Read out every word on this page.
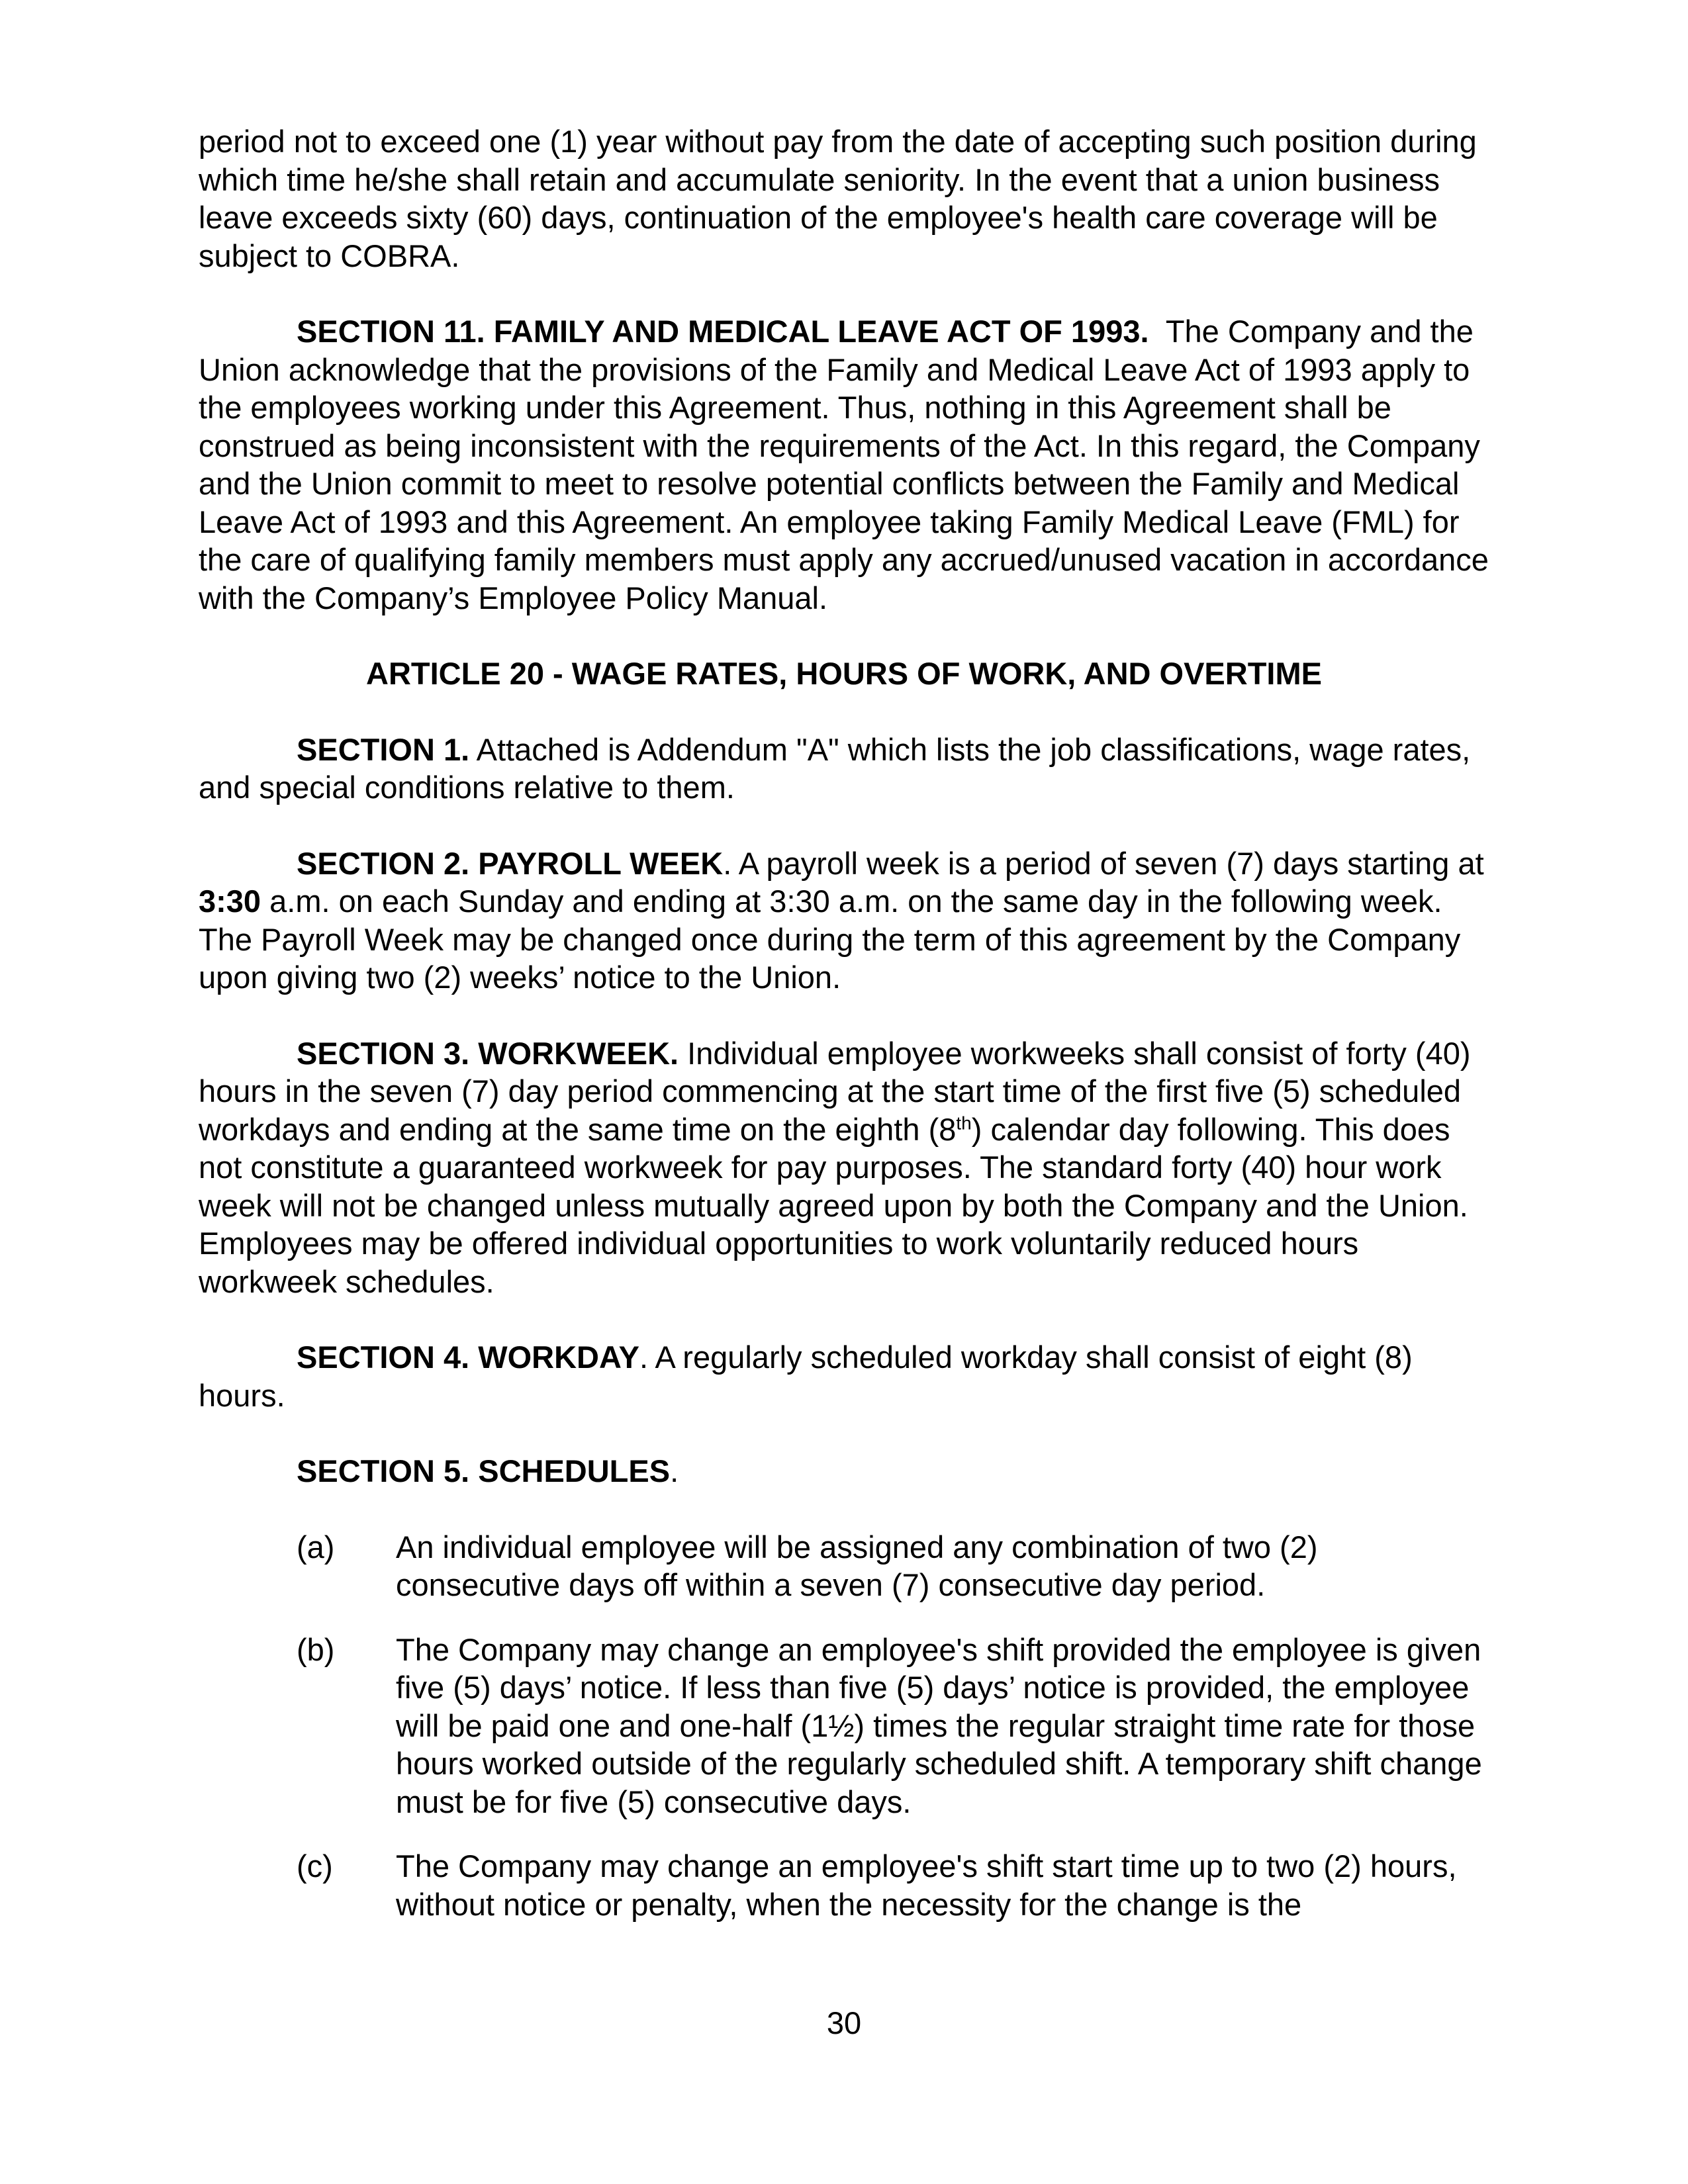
period not to exceed one (1) year without pay from the date of accepting such position during which time he/she shall retain and accumulate seniority. In the event that a union business leave exceeds sixty (60) days, continuation of the employee's health care coverage will be subject to COBRA.

SECTION 11. FAMILY AND MEDICAL LEAVE ACT OF 1993. The Company and the Union acknowledge that the provisions of the Family and Medical Leave Act of 1993 apply to the employees working under this Agreement. Thus, nothing in this Agreement shall be construed as being inconsistent with the requirements of the Act. In this regard, the Company and the Union commit to meet to resolve potential conflicts between the Family and Medical Leave Act of 1993 and this Agreement. An employee taking Family Medical Leave (FML) for the care of qualifying family members must apply any accrued/unused vacation in accordance with the Company’s Employee Policy Manual.

ARTICLE 20 - WAGE RATES, HOURS OF WORK, AND OVERTIME

SECTION 1. Attached is Addendum "A" which lists the job classifications, wage rates, and special conditions relative to them.

SECTION 2. PAYROLL WEEK. A payroll week is a period of seven (7) days starting at 3:30 a.m. on each Sunday and ending at 3:30 a.m. on the same day in the following week. The Payroll Week may be changed once during the term of this agreement by the Company upon giving two (2) weeks’ notice to the Union.

SECTION 3. WORKWEEK. Individual employee workweeks shall consist of forty (40) hours in the seven (7) day period commencing at the start time of the first five (5) scheduled workdays and ending at the same time on the eighth (8th) calendar day following. This does not constitute a guaranteed workweek for pay purposes. The standard forty (40) hour work week will not be changed unless mutually agreed upon by both the Company and the Union. Employees may be offered individual opportunities to work voluntarily reduced hours workweek schedules.

SECTION 4. WORKDAY. A regularly scheduled workday shall consist of eight (8) hours.

SECTION 5. SCHEDULES.

(a)	An individual employee will be assigned any combination of two (2) consecutive days off within a seven (7) consecutive day period.
(b)	The Company may change an employee's shift provided the employee is given five (5) days’ notice. If less than five (5) days’ notice is provided, the employee will be paid one and one-half (1½) times the regular straight time rate for those hours worked outside of the regularly scheduled shift. A temporary shift change must be for five (5) consecutive days.
(c)	The Company may change an employee's shift start time up to two (2) hours, without notice or penalty, when the necessity for the change is the
30
